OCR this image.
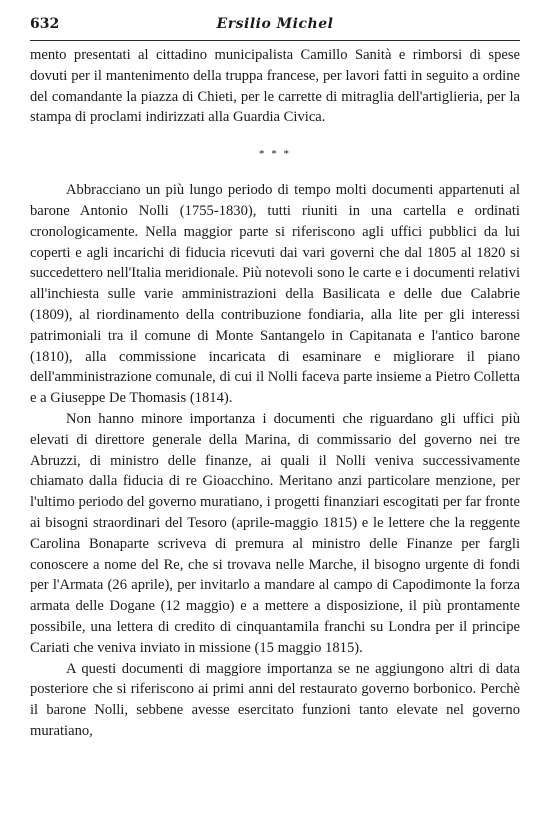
632	Ersilio Michel

mento presentati al cittadino municipalista Camillo Sanità e rimborsi di spese dovuti per il mantenimento della truppa francese, per lavori fatti in seguito a ordine del comandante la piazza di Chieti, per le carrette di mitraglia dell'artiglieria, per la stampa di proclami indirizzati alla Guardia Civica.

* * *

Abbracciano un più lungo periodo di tempo molti documenti appartenuti al barone Antonio Nolli (1755-1830), tutti riuniti in una cartella e ordinati cronologicamente. Nella maggior parte si riferiscono agli uffici pubblici da lui coperti e agli incarichi di fiducia ricevuti dai vari governi che dal 1805 al 1820 si succedettero nell'Italia meridionale. Più notevoli sono le carte e i documenti relativi all'inchiesta sulle varie amministrazioni della Basilicata e delle due Calabrie (1809), al riordinamento della contribuzione fondiaria, alla lite per gli interessi patrimoniali tra il comune di Monte Santangelo in Capitanata e l'antico barone (1810), alla commissione incaricata di esaminare e migliorare il piano dell'amministrazione comunale, di cui il Nolli faceva parte insieme a Pietro Colletta e a Giuseppe De Thomasis (1814).

Non hanno minore importanza i documenti che riguardano gli uffici più elevati di direttore generale della Marina, di commissario del governo nei tre Abruzzi, di ministro delle finanze, ai quali il Nolli veniva successivamente chiamato dalla fiducia di re Gioacchino. Meritano anzi particolare menzione, per l'ultimo periodo del governo muratiano, i progetti finanziari escogitati per far fronte ai bisogni straordinari del Tesoro (aprile-maggio 1815) e le lettere che la reggente Carolina Bonaparte scriveva di premura al ministro delle Finanze per fargli conoscere a nome del Re, che si trovava nelle Marche, il bisogno urgente di fondi per l'Armata (26 aprile), per invitarlo a mandare al campo di Capodimonte la forza armata delle Dogane (12 maggio) e a mettere a disposizione, il più prontamente possibile, una lettera di credito di cinquantamila franchi su Londra per il principe Cariati che veniva inviato in missione (15 maggio 1815).

A questi documenti di maggiore importanza se ne aggiungono altri di data posteriore che si riferiscono ai primi anni del restaurato governo borbonico. Perchè il barone Nolli, sebbene avesse esercitato funzioni tanto elevate nel governo muratiano,
